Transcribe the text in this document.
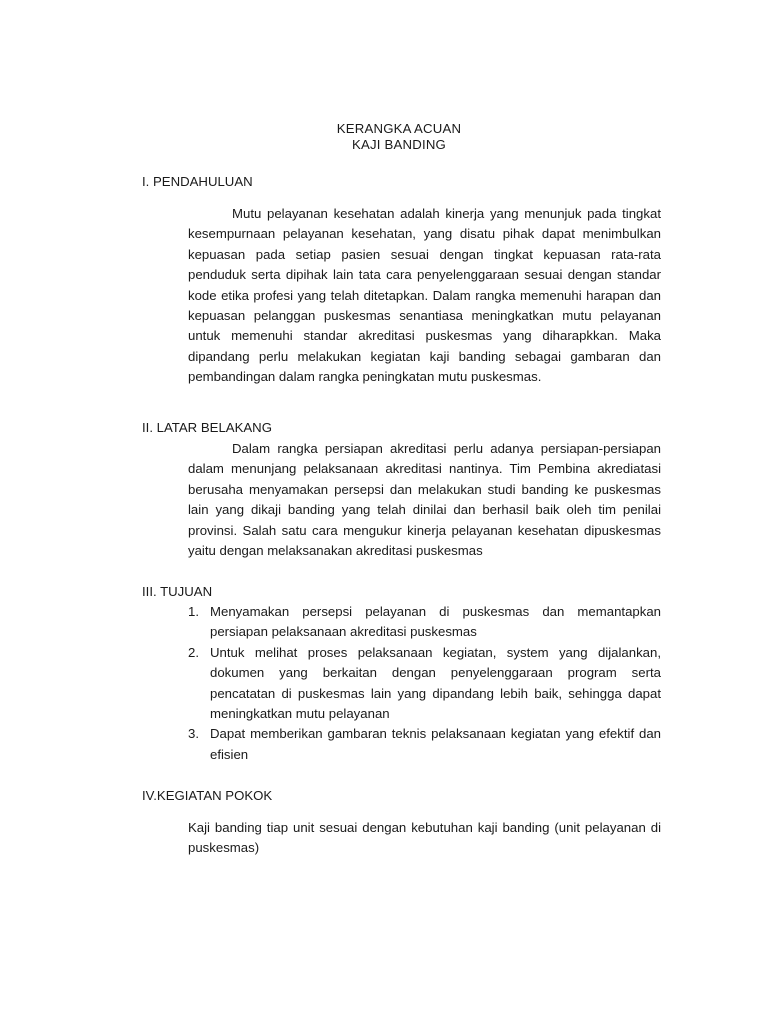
KERANGKA ACUAN
KAJI BANDING
I. PENDAHULUAN
Mutu pelayanan kesehatan adalah kinerja yang menunjuk pada tingkat kesempurnaan pelayanan kesehatan, yang disatu pihak dapat menimbulkan kepuasan pada setiap pasien sesuai dengan tingkat kepuasan rata-rata penduduk serta dipihak lain tata cara penyelenggaraan sesuai dengan standar kode etika profesi yang telah ditetapkan. Dalam rangka memenuhi harapan dan kepuasan pelanggan puskesmas senantiasa meningkatkan mutu pelayanan untuk memenuhi standar akreditasi puskesmas yang diharapkkan. Maka dipandang perlu melakukan kegiatan kaji banding sebagai gambaran dan pembandingan dalam rangka peningkatan mutu puskesmas.
II. LATAR BELAKANG
Dalam rangka persiapan akreditasi perlu adanya persiapan-persiapan dalam menunjang pelaksanaan akreditasi nantinya. Tim Pembina akrediatasi berusaha menyamakan persepsi dan melakukan studi banding ke puskesmas lain yang dikaji banding yang telah dinilai dan berhasil baik oleh tim penilai provinsi. Salah satu cara mengukur kinerja pelayanan kesehatan dipuskesmas yaitu dengan melaksanakan akreditasi puskesmas
III. TUJUAN
1. Menyamakan persepsi pelayanan di puskesmas dan memantapkan persiapan pelaksanaan akreditasi puskesmas
2. Untuk melihat proses pelaksanaan kegiatan, system yang dijalankan, dokumen yang berkaitan dengan penyelenggaraan program serta pencatatan di puskesmas lain yang dipandang lebih baik, sehingga dapat meningkatkan mutu pelayanan
3. Dapat memberikan gambaran teknis pelaksanaan kegiatan yang efektif dan efisien
IV.KEGIATAN POKOK
Kaji banding tiap unit sesuai dengan kebutuhan kaji banding (unit pelayanan di puskesmas)
